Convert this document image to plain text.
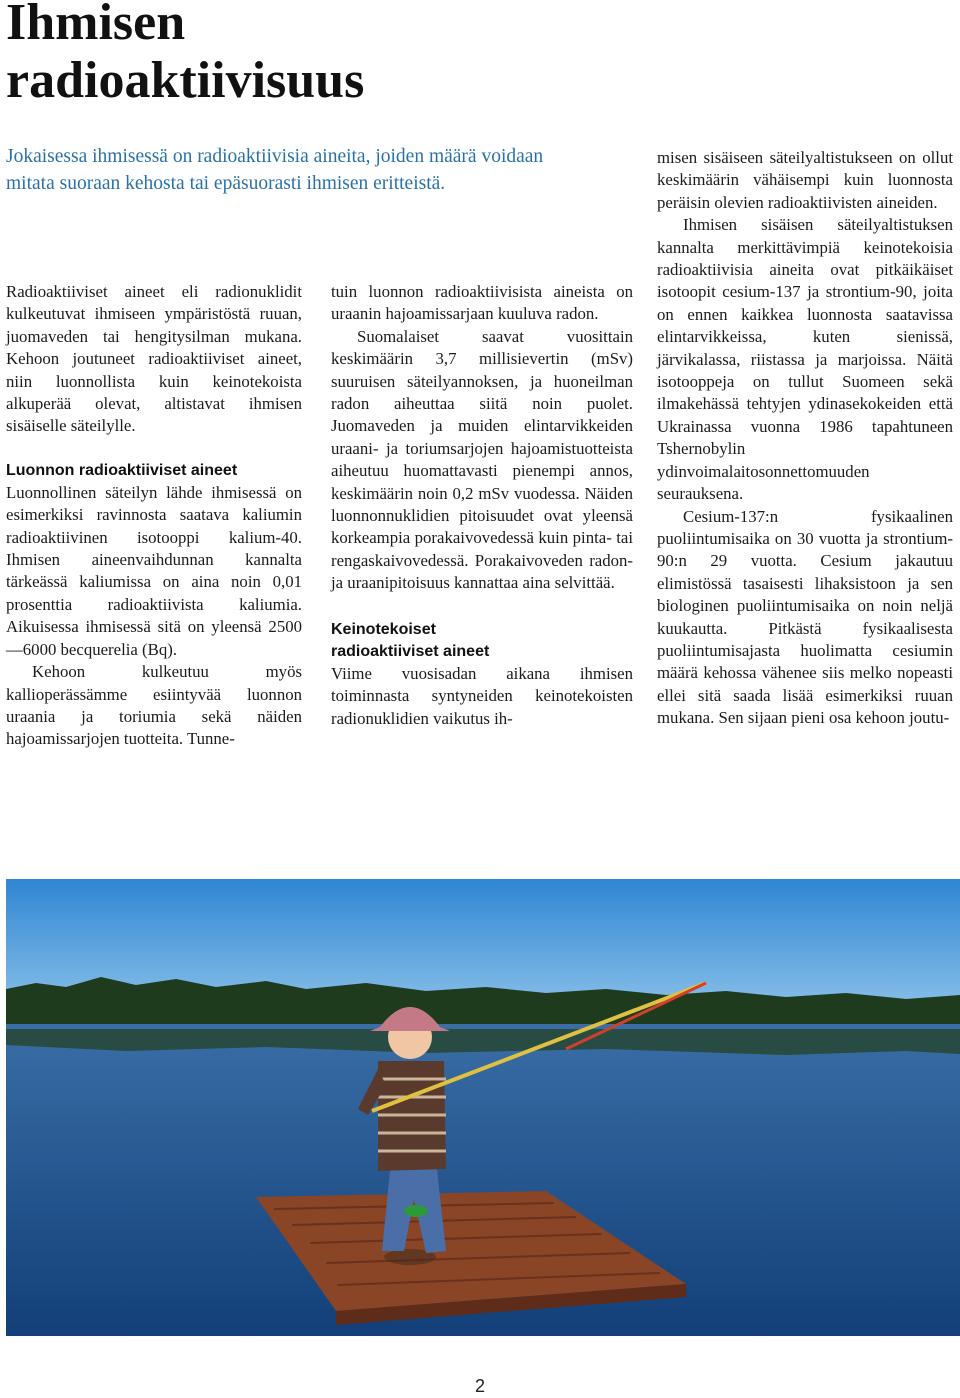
Ihmisen
radioaktiivisuus

Jokaisessa ihmisessä on radioaktiivisia aineita, joiden määrä voidaan mitata suoraan kehosta tai epäsuorasti ihmisen eritteistä.

Radioaktiiviset aineet eli radionuklidit kulkeutuvat ihmiseen ympäristöstä ruuan, juomaveden tai hengitysilman mukana. Kehoon joutuneet radioaktiiviset aineet, niin luonnollista kuin keinotekoista alkuperää olevat, altistavat ihmisen sisäiselle säteilylle.

Luonnon radioaktiiviset aineet

Luonnollinen säteilyn lähde ihmisessä on esimerkiksi ravinnosta saatava kaliumin radioaktiivinen isotooppi kalium-40. Ihmisen aineenvaihdunnan kannalta tärkeässä kaliumissa on aina noin 0,01 prosenttia radioaktiivista kaliumia. Aikuisessa ihmisessä sitä on yleensä 2500—6000 becquerelia (Bq).

Kehoon kulkeutuu myös kallioperässämme esiintyvää luonnon uraania ja toriumia sekä näiden hajoamissarjojen tuotteita. Tunne-

tuin luonnon radioaktiivisista aineista on uraanin hajoamissarjaan kuuluva radon.

Suomalaiset saavat vuosittain keskimäärin 3,7 millisievertin (mSv) suuruisen säteilyannoksen, ja huoneilman radon aiheuttaa siitä noin puolet. Juomaveden ja muiden elintarvikkeiden uraani- ja toriumsarjojen hajoamistuotteista aiheutuu huomattavasti pienempi annos, keskimäärin noin 0,2 mSv vuodessa. Näiden luonnonnuklidien pitoisuudet ovat yleensä korkeampia porakaivovedessä kuin pinta- tai rengaskaivovedessä. Porakaivoveden radon- ja uraanipitoisuus kannattaa aina selvittää.

Keinotekoiset
radioaktiiviset aineet

Viime vuosisadan aikana ihmisen toiminnasta syntyneiden keinotekoisten radionuklidien vaikutus ih-

misen sisäiseen säteilyaltistukseen on ollut keskimäärin vähäisempi kuin luonnosta peräisin olevien radioaktiivisten aineiden.

Ihmisen sisäisen säteilyaltistuksen kannalta merkittävimpiä keinotekoisia radioaktiivisia aineita ovat pitkäikäiset isotoopit cesium-137 ja strontium-90, joita on ennen kaikkea luonnosta saatavissa elintarvikkeissa, kuten sienissä, järvikalassa, riistassa ja marjoissa. Näitä isotooppeja on tullut Suomeen sekä ilmakehässä tehtyjen ydinasekokeiden että Ukrainassa vuonna 1986 tapahtuneen Tshernobylin ydinvoimalaitosonnettomuuden seurauksena.

Cesium-137:n fysikaalinen puoliintumisaika on 30 vuotta ja strontium-90:n 29 vuotta. Cesium jakautuu elimistössä tasaisesti lihaksistoon ja sen biologinen puoliintumisaika on noin neljä kuukautta. Pitkästä fysikaalisesta puoliintumisajasta huolimatta cesiumin määrä kehossa vähenee siis melko nopeasti ellei sitä saada lisää esimerkiksi ruuan mukana. Sen sijaan pieni osa kehoon joutu-

2
